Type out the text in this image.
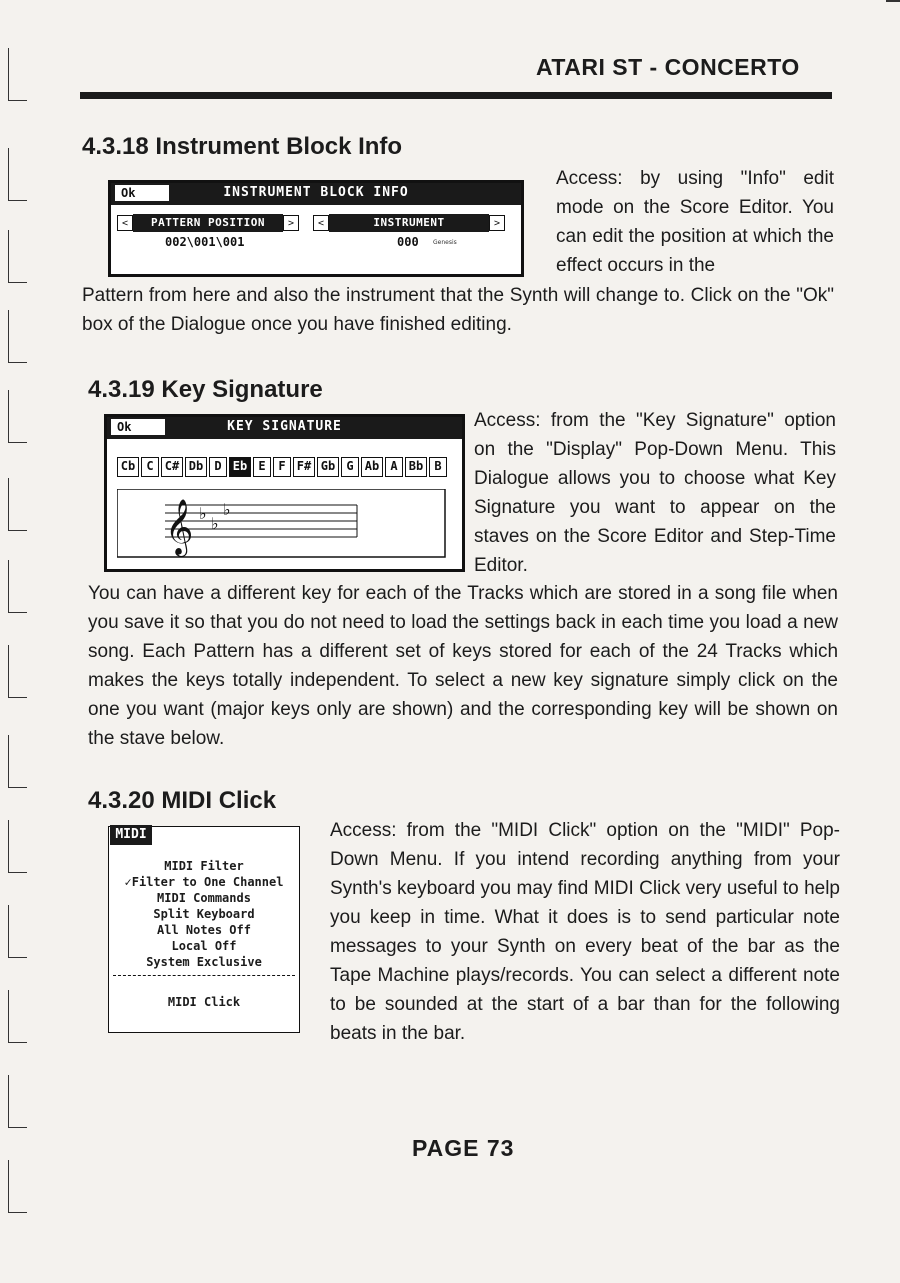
ATARI ST - CONCERTO
4.3.18 Instrument Block Info
INSTRUMENT BLOCK INFO
Ok
<	PATTERN POSITION	>
002\001\001
<	INSTRUMENT	>
000 Genesis

Access: by using "Info" edit mode on the Score Editor. You can edit the position at which the effect occurs in the

Pattern from here and also the instrument that the Synth will change to. Click on the "Ok" box of the Dialogue once you have finished editing.

4.3.19 Key Signature
KEY SIGNATURE
Ok
Cb C C# Db D Eb E	F F# Gb G Ab A Bb B
𝄞 ♭
♭
♭

Access: from the "Key Signature" option on the "Display" Pop-Down Menu. This Dialogue allows you to choose what Key Signature you want to appear on the staves on the Score Editor and Step-Time Editor.

You can have a different key for each of the Tracks which are stored in a song file when you save it so that you do not need to load the settings back in each time you load a new song. Each Pattern has a different set of keys stored for each of the 24 Tracks which makes the keys totally independent. To select a new key signature simply click on the one you want (major keys only are shown) and the corresponding key will be shown on the stave below.

4.3.20 MIDI Click
MIDI Filter
✓Filter to One Channel
MIDI Commands
Split Keyboard
All Notes Off
Local Off
System Exclusive
MIDI Click
MIDI	Access: from the "MIDI Click" option on the "MIDI" Pop-Down Menu. If you intend recording anything from your Synth's keyboard you may find MIDI Click very useful to help you keep in time. What it does is to send particular note messages to your Synth on every beat of the bar as the Tape Machine plays/records. You can select a different note to be sounded at the start of a bar than for the following beats in the bar.

PAGE 73
